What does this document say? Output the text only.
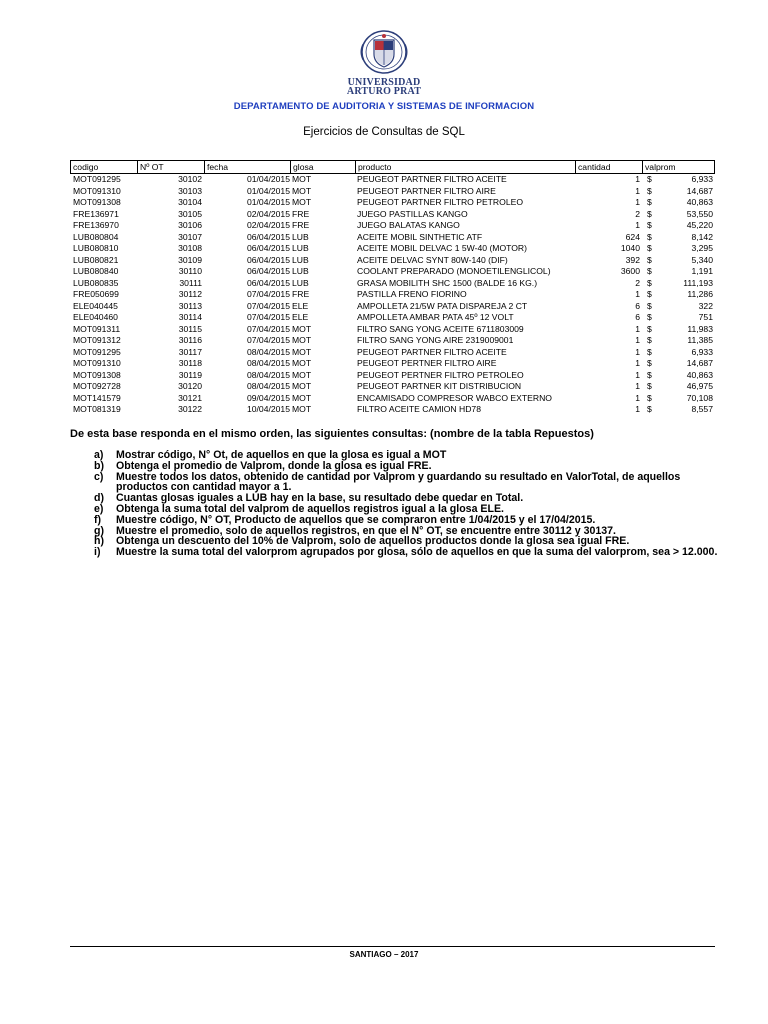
UNIVERSIDAD
ARTURO PRAT
DEPARTAMENTO DE AUDITORIA Y SISTEMAS DE INFORMACION
Ejercicios de Consultas de SQL
codigo	Nº OT	fecha	glosa	producto	cantidad	valprom
MOT091295	30102	01/04/2015 MOT	PEUGEOT PARTNER FILTRO ACEITE	1 $	6,933
MOT091310	30103	01/04/2015 MOT	PEUGEOT PARTNER FILTRO AIRE	1 $	14,687
MOT091308	30104	01/04/2015 MOT	PEUGEOT PARTNER FILTRO PETROLEO	1 $	40,863
FRE136971	30105	02/04/2015 FRE	JUEGO PASTILLAS KANGO	2 $	53,550
FRE136970	30106	02/04/2015 FRE	JUEGO BALATAS KANGO	1 $	45,220
LUB080804	30107	06/04/2015 LUB	ACEITE MOBIL SINTHETIC ATF	624 $	8,142
LUB080810	30108	06/04/2015 LUB	ACEITE MOBIL DELVAC 1 5W-40 (MOTOR)	1040 $	3,295
LUB080821	30109	06/04/2015 LUB	ACEITE DELVAC SYNT 80W-140 (DIF)	392 $	5,340
LUB080840	30110	06/04/2015 LUB	COOLANT PREPARADO (MONOETILENGLICOL)	3600 $	1,191
LUB080835	30111	06/04/2015 LUB	GRASA MOBILITH SHC 1500 (BALDE 16 KG.)	2 $	111,193
FRE050699	30112	07/04/2015 FRE	PASTILLA FRENO FIORINO	1 $	11,286
ELE040445	30113	07/04/2015 ELE	AMPOLLETA 21/5W PATA DISPAREJA 2 CT	6 $	322
ELE040460	30114	07/04/2015 ELE	AMPOLLETA AMBAR PATA 45º 12 VOLT	6 $	751
MOT091311	30115	07/04/2015 MOT	FILTRO SANG YONG ACEITE 6711803009	1 $	11,983
MOT091312	30116	07/04/2015 MOT	FILTRO SANG YONG AIRE 2319009001	1 $	11,385
MOT091295	30117	08/04/2015 MOT	PEUGEOT PARTNER FILTRO ACEITE	1 $	6,933
MOT091310	30118	08/04/2015 MOT	PEUGEOT PERTNER FILTRO AIRE	1 $	14,687
MOT091308	30119	08/04/2015 MOT	PEUGEOT PERTNER FILTRO PETROLEO	1 $	40,863
MOT092728	30120	08/04/2015 MOT	PEUGEOT PARTNER KIT DISTRIBUCION	1 $	46,975
MOT141579	30121	09/04/2015 MOT	ENCAMISADO COMPRESOR WABCO EXTERNO	1 $	70,108
MOT081319	30122	10/04/2015 MOT	FILTRO ACEITE CAMION HD78	1 $	8,557
De esta base responda en el mismo orden, las siguientes consultas: (nombre de la tabla Repuestos)
a) Mostrar código, N° Ot, de aquellos en que la glosa es igual a MOT
b) Obtenga el promedio de Valprom, donde la glosa es igual FRE.
c) Muestre todos los datos, obtenido de cantidad por Valprom y guardando su resultado en ValorTotal, de aquellos productos con cantidad mayor a 1.
d) Cuantas glosas iguales a LUB hay en la base, su resultado debe quedar en Total.
e) Obtenga la suma total del valprom de aquellos registros igual a la glosa ELE.
f) Muestre código, N° OT, Producto de aquellos que se compraron entre 1/04/2015 y el 17/04/2015.
g) Muestre el promedio, solo de aquellos registros, en que el N° OT, se encuentre entre 30112 y 30137.
h) Obtenga un descuento del 10% de Valprom, solo de aquellos productos donde la glosa sea igual FRE.
i) Muestre la suma total del valorprom agrupados por glosa, sólo de aquellos en que la suma del valorprom, sea > 12.000.
SANTIAGO – 2017
